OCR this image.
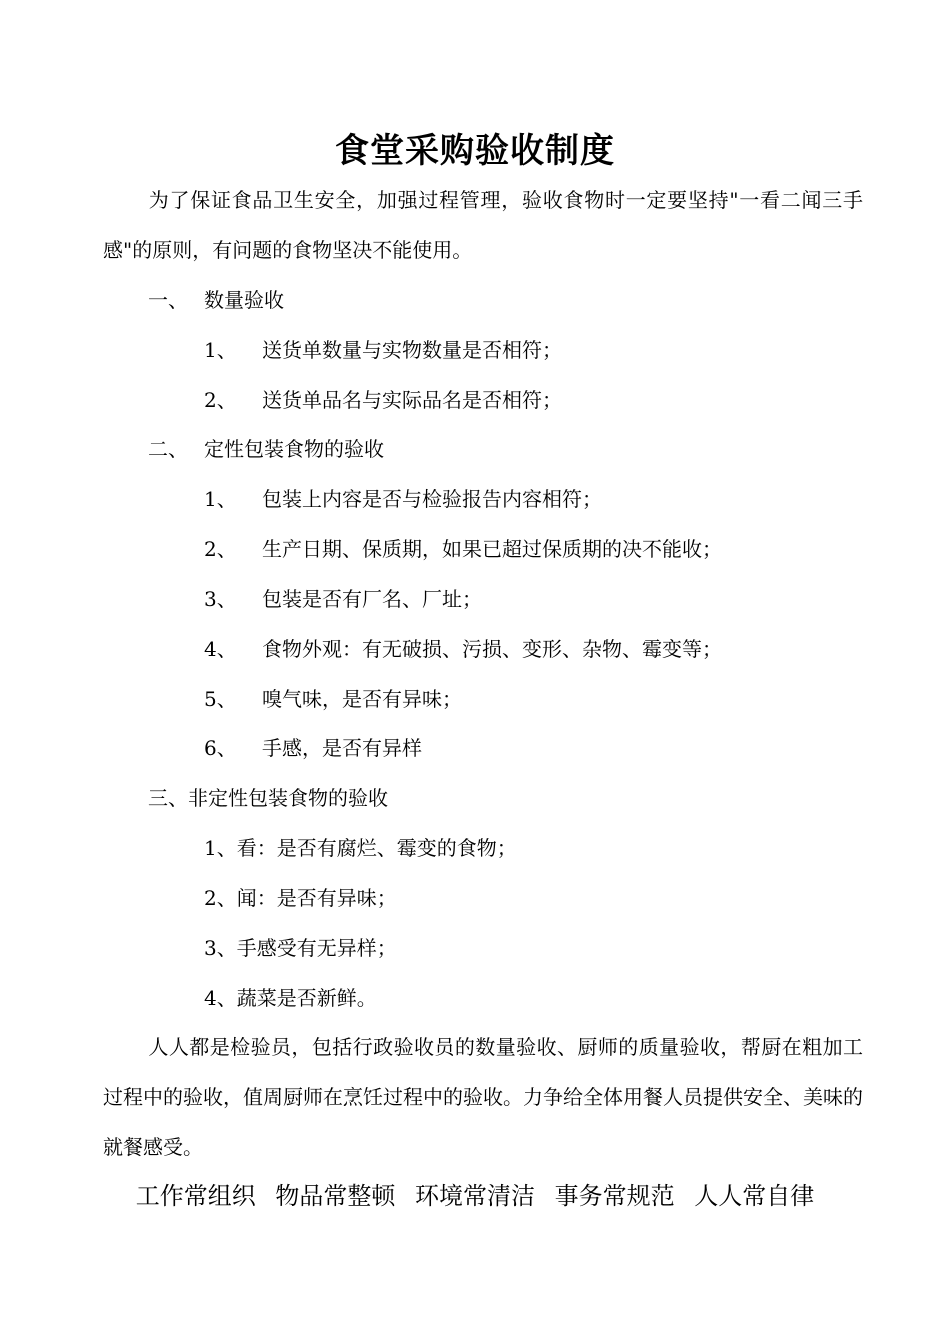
食堂采购验收制度
为了保证食品卫生安全，加强过程管理，验收食物时一定要坚持"一看二闻三手感"的原则，有问题的食物坚决不能使用。
一、 数量验收
1、 送货单数量与实物数量是否相符；
2、 送货单品名与实际品名是否相符；
二、 定性包装食物的验收
1、 包装上内容是否与检验报告内容相符；
2、 生产日期、保质期，如果已超过保质期的决不能收；
3、 包装是否有厂名、厂址；
4、 食物外观：有无破损、污损、变形、杂物、霉变等；
5、 嗅气味，是否有异味；
6、 手感，是否有异样
三、非定性包装食物的验收
1、看：是否有腐烂、霉变的食物；
2、闻：是否有异味；
3、手感受有无异样；
4、蔬菜是否新鲜。
人人都是检验员，包括行政验收员的数量验收、厨师的质量验收，帮厨在粗加工过程中的验收，值周厨师在烹饪过程中的验收。力争给全体用餐人员提供安全、美味的就餐感受。
工作常组织 物品常整顿 环境常清洁 事务常规范 人人常自律
